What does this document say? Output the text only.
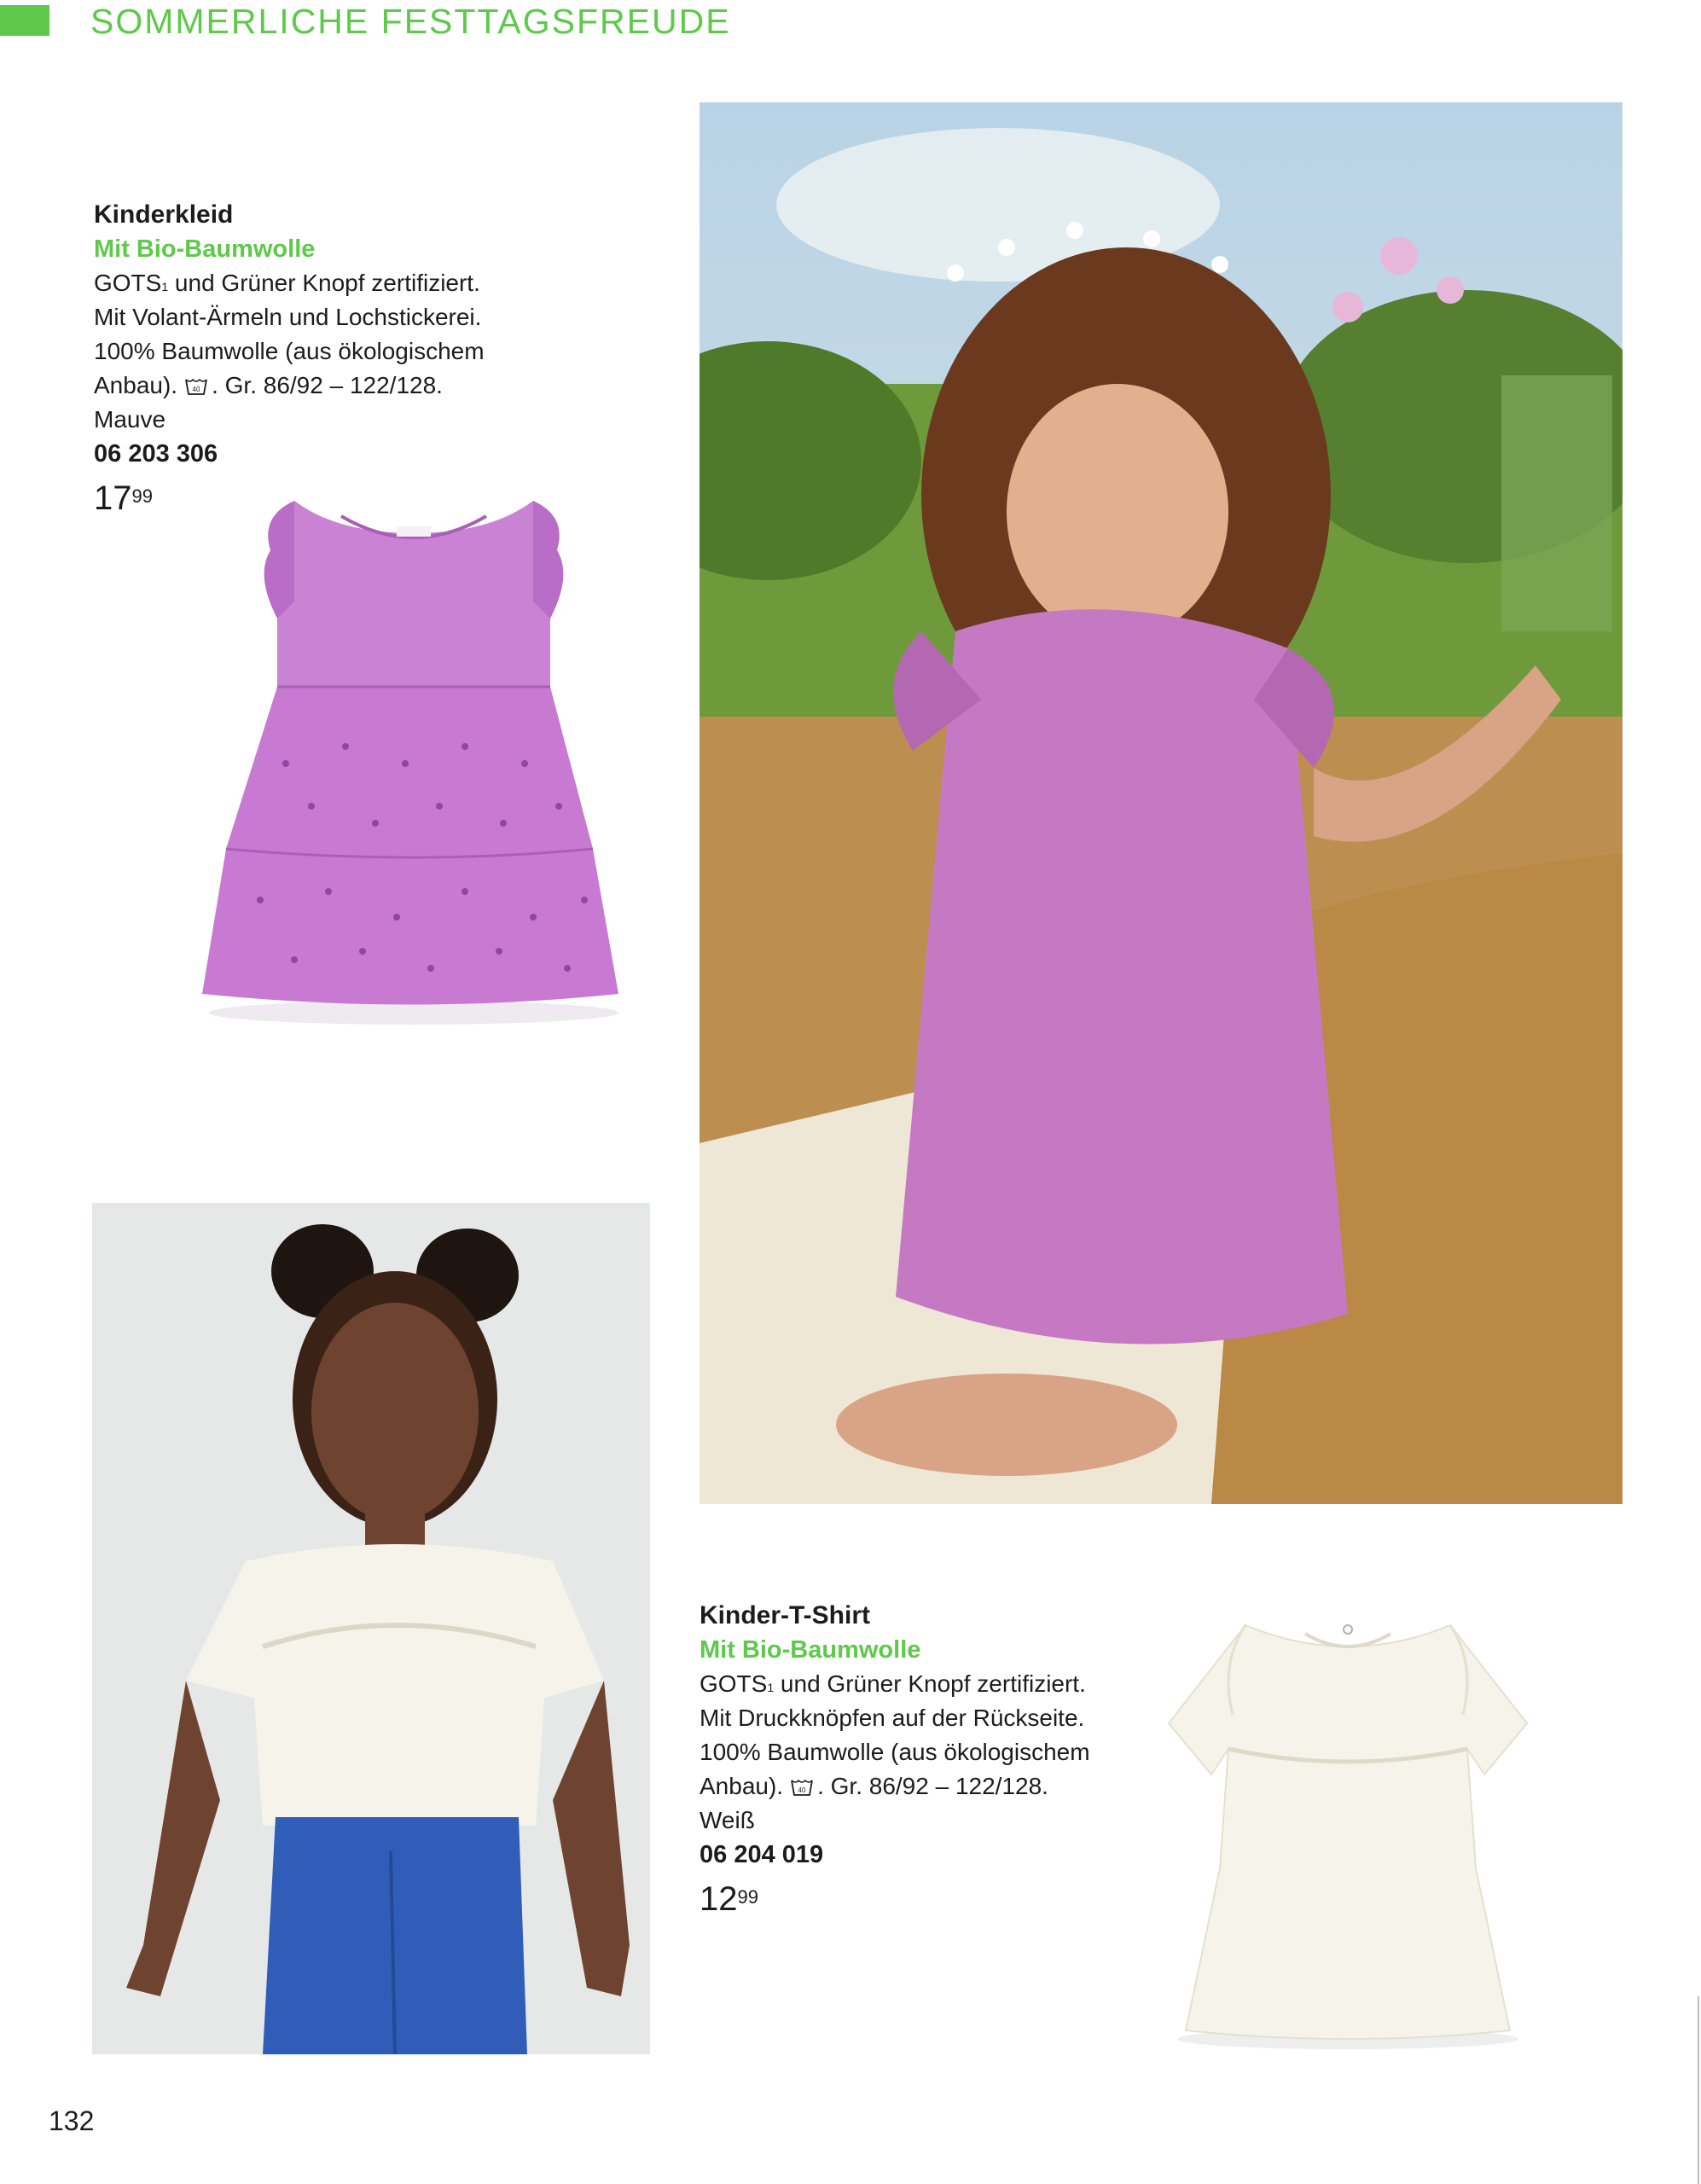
SOMMERLICHE FESTTAGSFREUDE
Kinderkleid
Mit Bio-Baumwolle
GOTS$^1$ und Grüner Knopf zertifiziert.
Mit Volant-Ärmeln und Lochstickerei.
100% Baumwolle (aus ökologischem
Anbau). 40 . Gr. 86/92 – 122/128.
Mauve
06 203 306
$17^{99}$
Kinder-T-Shirt
Mit Bio-Baumwolle
GOTS$^1$ und Grüner Knopf zertifiziert.
Mit Druckknöpfen auf der Rückseite.
100% Baumwolle (aus ökologischem
Anbau). 40 . Gr. 86/92 – 122/128.
Weiß
06 204 019
$12^{99}$
132
